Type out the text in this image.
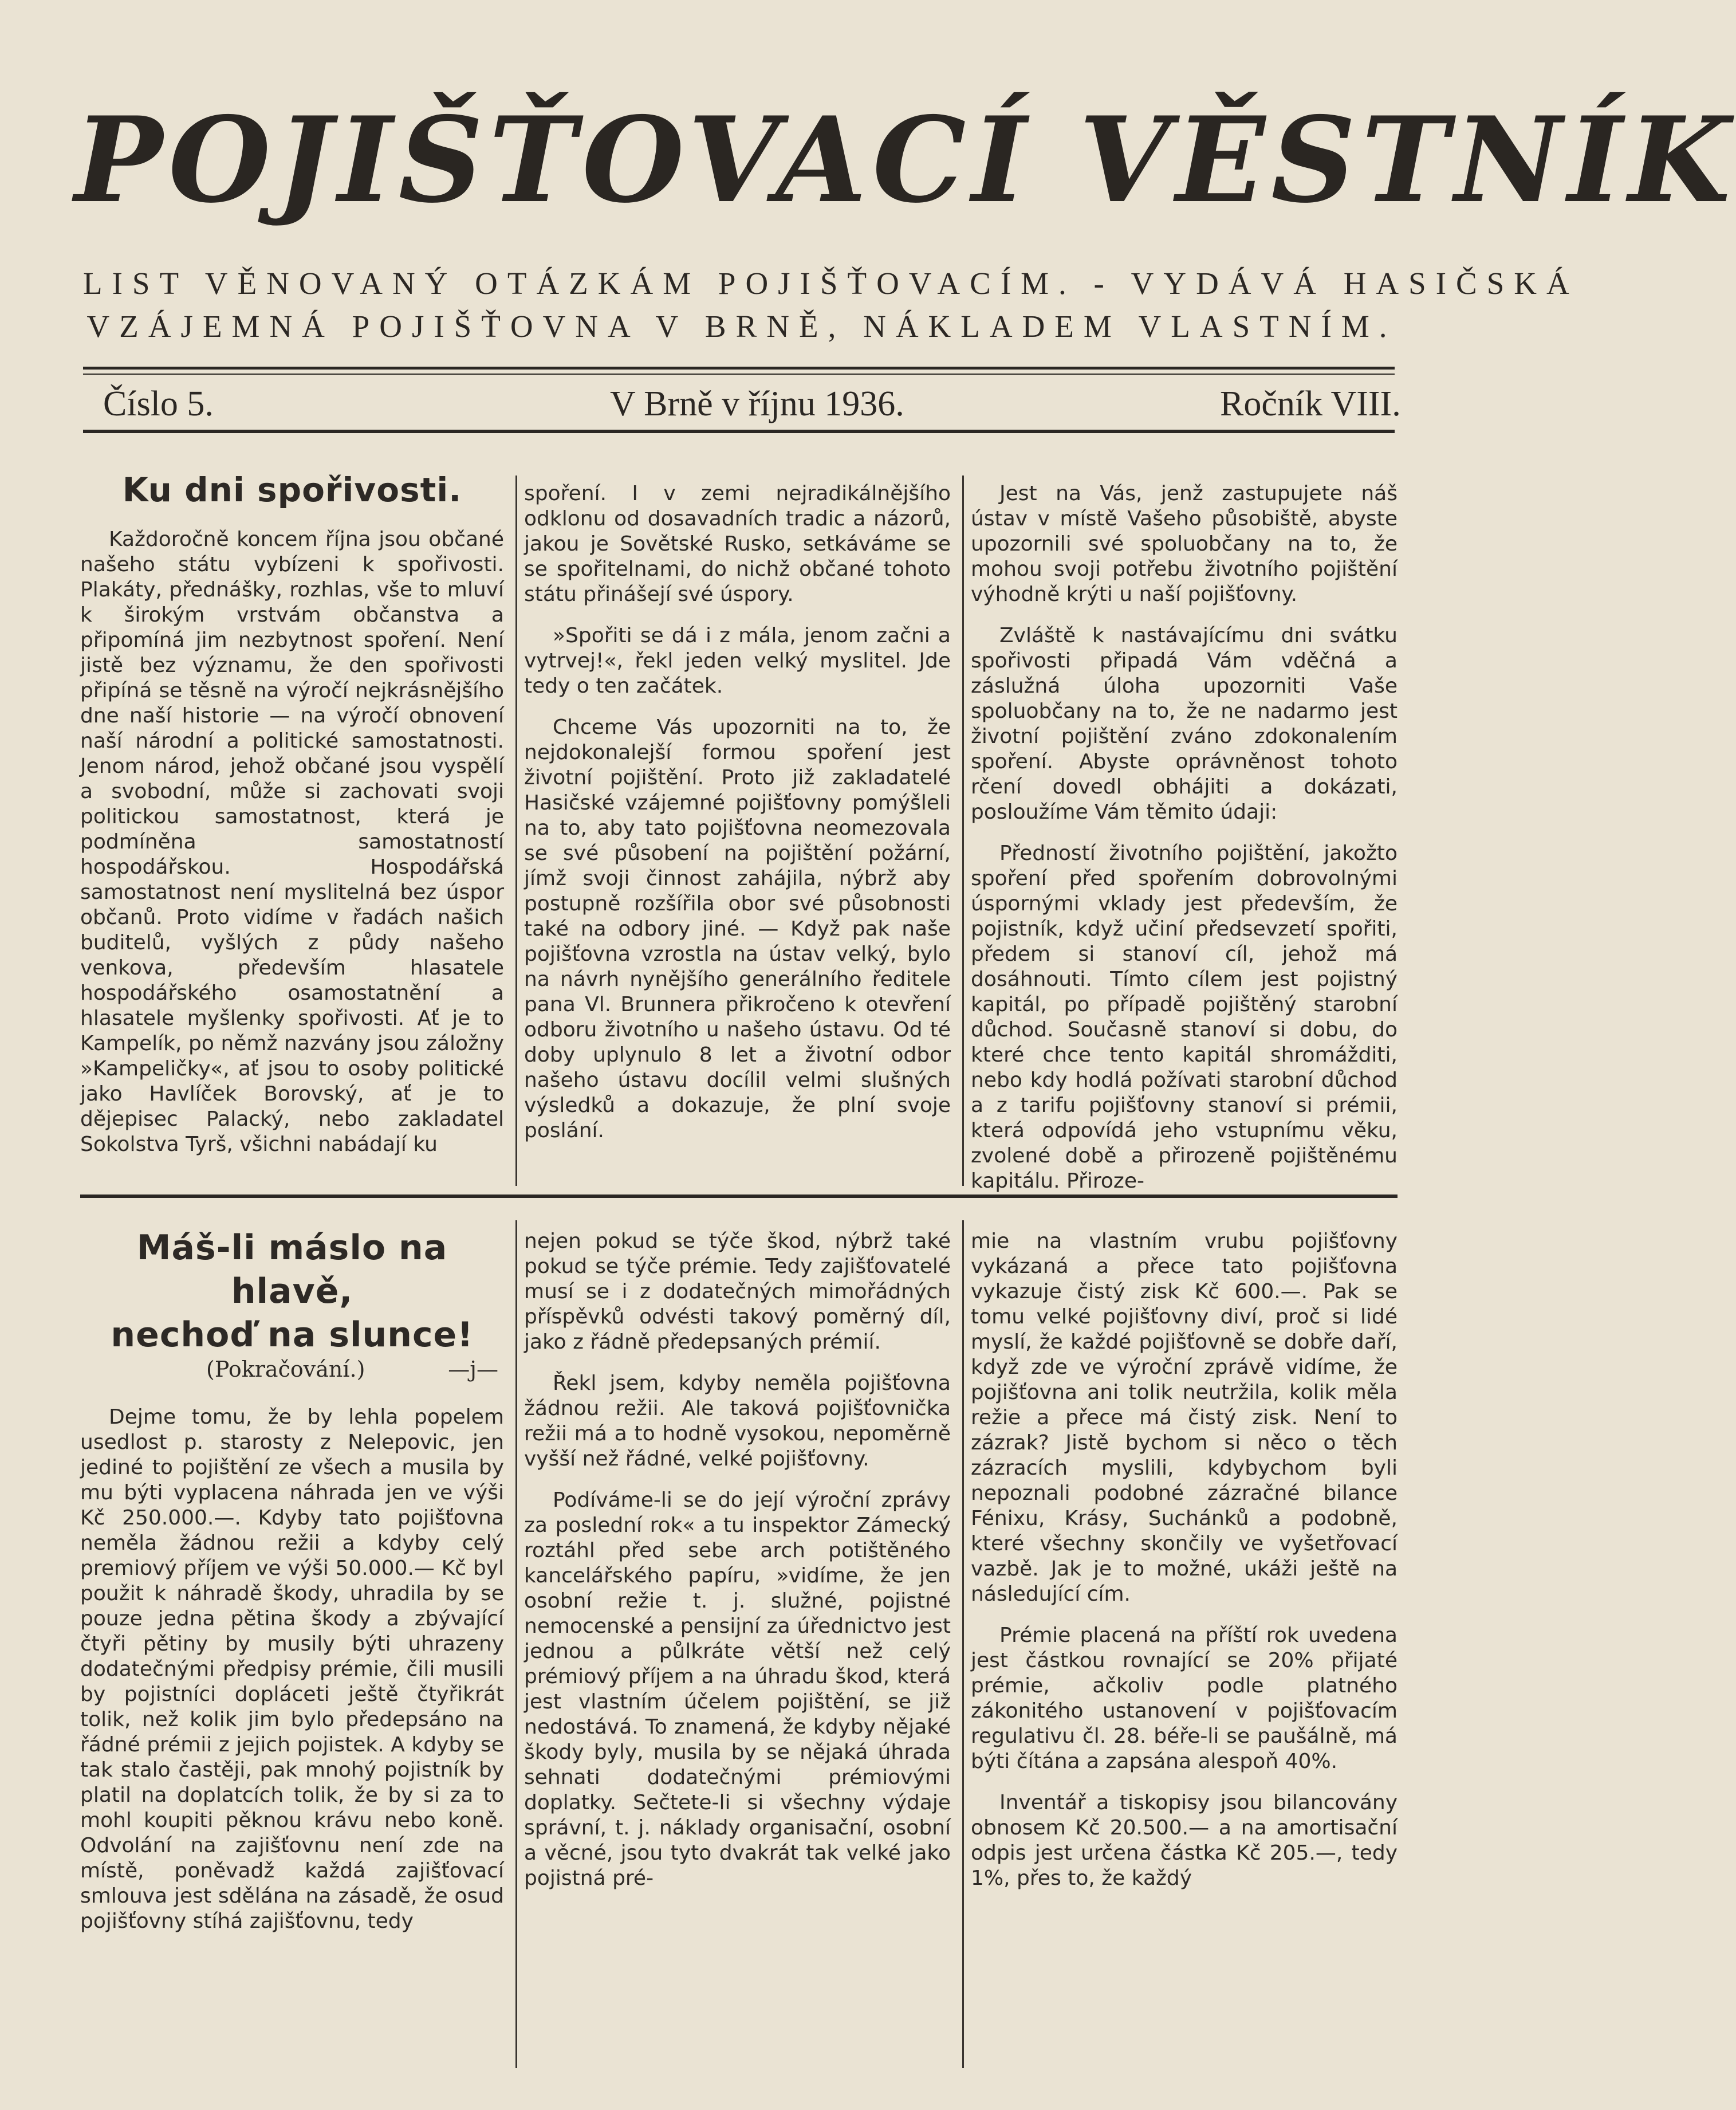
POJIŠŤOVACÍ VĚSTNÍK
LIST VĚNOVANÝ OTÁZKÁM POJIŠŤOVACÍM. - VYDÁVÁ HASIČSKÁ
VZÁJEMNÁ POJIŠŤOVNA V BRNĚ, NÁKLADEM VLASTNÍM.
Číslo 5.	V Brně v říjnu 1936.	Ročník VIII.
Ku dni spořivosti.

Každoročně koncem října jsou občané našeho státu vybízeni k spořivosti. Plakáty, přednášky, rozhlas, vše to mluví k širokým vrstvám občanstva a připomíná jim nezbytnost spoření. Není jistě bez významu, že den spořivosti připíná se těsně na výročí nejkrásnějšího dne naší historie — na výročí obnovení naší národní a politické samostatnosti. Jenom národ, jehož občané jsou vyspělí a svobodní, může si zachovati svoji politickou samostatnost, která je podmíněna samostatností hospodářskou. Hospodářská samostatnost není myslitelná bez úspor občanů. Proto vidíme v řadách našich buditelů, vyšlých z půdy našeho venkova, především hlasatele hospodářského osamostatnění a hlasatele myšlenky spořivosti. Ať je to Kampelík, po němž nazvány jsou záložny »Kampeličky«, ať jsou to osoby politické jako Havlíček Borovský, ať je to dějepisec Palacký, nebo zakladatel Sokolstva Tyrš, všichni nabádají ku

spoření. I v zemi nejradikálnějšího odklonu od dosavadních tradic a názorů, jakou je Sovětské Rusko, setkáváme se se spořitelnami, do nichž občané tohoto státu přinášejí své úspory.

»Spořiti se dá i z mála, jenom začni a vytrvej!«, řekl jeden velký myslitel. Jde tedy o ten začátek.

Chceme Vás upozorniti na to, že nejdokonalejší formou spoření jest životní pojištění. Proto již zakladatelé Hasičské vzájemné pojišťovny pomýšleli na to, aby tato pojišťovna neomezovala se své působení na pojištění požární, jímž svoji činnost zahájila, nýbrž aby postupně rozšířila obor své působnosti také na odbory jiné. — Když pak naše pojišťovna vzrostla na ústav velký, bylo na návrh nynějšího generálního ředitele pana Vl. Brunnera přikročeno k otevření odboru životního u našeho ústavu. Od té doby uplynulo 8 let a životní odbor našeho ústavu docílil velmi slušných výsledků a dokazuje, že plní svoje poslání.

Jest na Vás, jenž zastupujete náš ústav v místě Vašeho působiště, abyste upozornili své spoluobčany na to, že mohou svoji potřebu životního pojištění výhodně krýti u naší pojišťovny.

Zvláště k nastávajícímu dni svátku spořivosti připadá Vám vděčná a záslužná úloha upozorniti Vaše spoluobčany na to, že ne nadarmo jest životní pojištění zváno zdokonalením spoření. Abyste oprávněnost tohoto rčení dovedl obhájiti a dokázati, posloužíme Vám těmito údaji:

Předností životního pojištění, jakožto spoření před spořením dobrovolnými úspornými vklady jest především, že pojistník, když učiní předsevzetí spořiti, předem si stanoví cíl, jehož má dosáhnouti. Tímto cílem jest pojistný kapitál, po případě pojištěný starobní důchod. Současně stanoví si dobu, do které chce tento kapitál shromážditi, nebo kdy hodlá požívati starobní důchod a z tarifu pojišťovny stanoví si prémii, která odpovídá jeho vstupnímu věku, zvolené době a přirozeně pojištěnému kapitálu. Přiroze-

Máš-li máslo na hlavě,
nechoď na slunce!
(Pokračování.)	—j—

Dejme tomu, že by lehla popelem usedlost p. starosty z Nelepovic, jen jediné to pojištění ze všech a musila by mu býti vyplacena náhrada jen ve výši Kč 250.000.—. Kdyby tato pojišťovna neměla žádnou režii a kdyby celý premiový příjem ve výši 50.000.— Kč byl použit k náhradě škody, uhradila by se pouze jedna pětina škody a zbývající čtyři pětiny by musily býti uhrazeny dodatečnými předpisy prémie, čili musili by pojistníci dopláceti ještě čtyřikrát tolik, než kolik jim bylo předepsáno na řádné prémii z jejich pojistek. A kdyby se tak stalo častěji, pak mnohý pojistník by platil na doplatcích tolik, že by si za to mohl koupiti pěknou krávu nebo koně. Odvolání na zajišťovnu není zde na místě, poněvadž každá zajišťovací smlouva jest sdělána na zásadě, že osud pojišťovny stíhá zajišťovnu, tedy

nejen pokud se týče škod, nýbrž také pokud se týče prémie. Tedy zajišťovatelé musí se i z dodatečných mimořádných příspěvků odvésti takový poměrný díl, jako z řádně předepsaných prémií.

Řekl jsem, kdyby neměla pojišťovna žádnou režii. Ale taková pojišťovnička režii má a to hodně vysokou, nepoměrně vyšší než řádné, velké pojišťovny.

Podíváme-li se do její výroční zprávy za poslední rok« a tu inspektor Zámecký roztáhl před sebe arch potištěného kancelářského papíru, »vidíme, že jen osobní režie t. j. služné, pojistné nemocenské a pensijní za úřednictvo jest jednou a půlkráte větší než celý prémiový příjem a na úhradu škod, která jest vlastním účelem pojištění, se již nedostává. To znamená, že kdyby nějaké škody byly, musila by se nějaká úhrada sehnati dodatečnými prémiovými doplatky. Sečtete-li si všechny výdaje správní, t. j. náklady organisační, osobní a věcné, jsou tyto dvakrát tak velké jako pojistná pré-

mie na vlastním vrubu pojišťovny vykázaná a přece tato pojišťovna vykazuje čistý zisk Kč 600.—. Pak se tomu velké pojišťovny diví, proč si lidé myslí, že každé pojišťovně se dobře daří, když zde ve výroční zprávě vidíme, že pojišťovna ani tolik neutržila, kolik měla režie a přece má čistý zisk. Není to zázrak? Jistě bychom si něco o těch zázracích myslili, kdybychom byli nepoznali podobné zázračné bilance Fénixu, Krásy, Suchánků a podobně, které všechny skončily ve vyšetřovací vazbě. Jak je to možné, ukáži ještě na následující cím.

Prémie placená na příští rok uvedena jest částkou rovnající se 20% přijaté prémie, ačkoliv podle platného zákonitého ustanovení v pojišťovacím regulativu čl. 28. béře-li se paušálně, má býti čítána a zapsána alespoň 40%.

Inventář a tiskopisy jsou bilancovány obnosem Kč 20.500.— a na amortisační odpis jest určena částka Kč 205.—, tedy 1%, přes to, že každý
